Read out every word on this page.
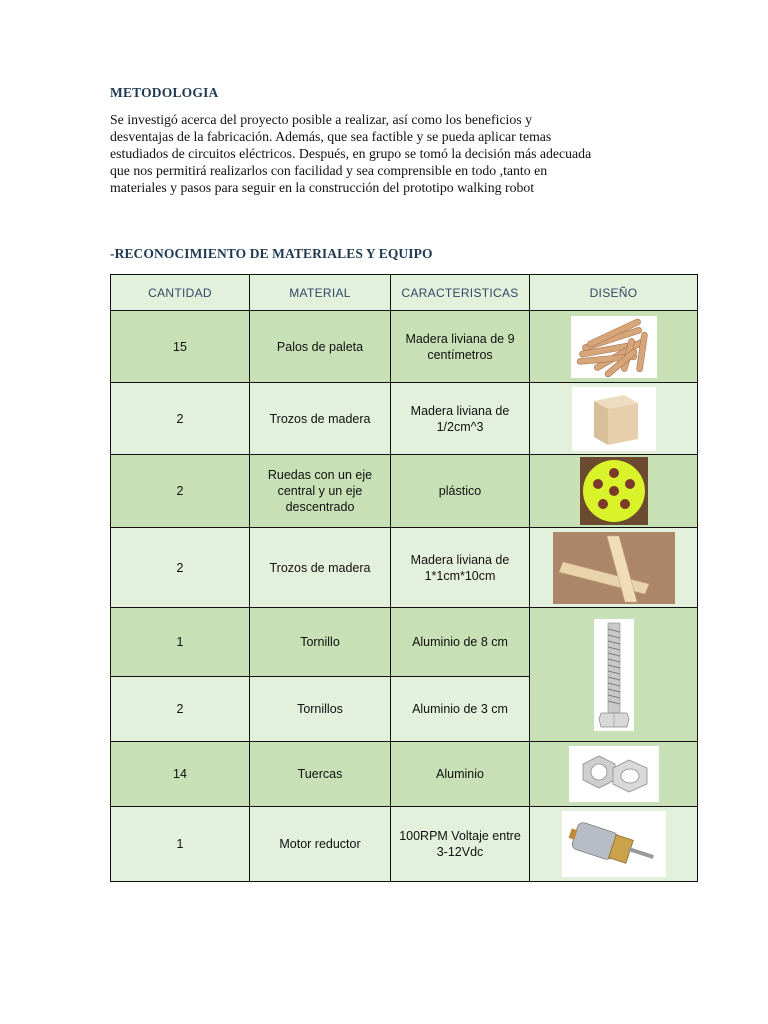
METODOLOGIA
Se investigó acerca del proyecto posible a realizar, así como los beneficios y
desventajas de la fabricación. Además, que sea factible y se pueda aplicar temas
estudiados de circuitos eléctricos. Después, en grupo se tomó la decisión más adecuada
que nos permitirá realizarlos con facilidad y sea comprensible en todo ,tanto en
materiales y pasos para seguir en la construcción del prototipo walking robot
-RECONOCIMIENTO DE MATERIALES Y EQUIPO
CANTIDAD	MATERIAL	CARACTERISTICAS	DISEÑO
15	Palos de paleta	Madera liviana de 9 centímetros	

2	Trozos de madera	Madera liviana de 1/2cm^3	

2	Ruedas con un eje central y un eje descentrado	plástico	

2	Trozos de madera	Madera liviana de 1*1cm*10cm	

1	Tornillo	Aluminio de 8 cm	

2	Tornillos	Aluminio de 3 cm	
14	Tuercas	Aluminio	

1	Motor reductor	100RPM Voltaje entre 3-12Vdc	
